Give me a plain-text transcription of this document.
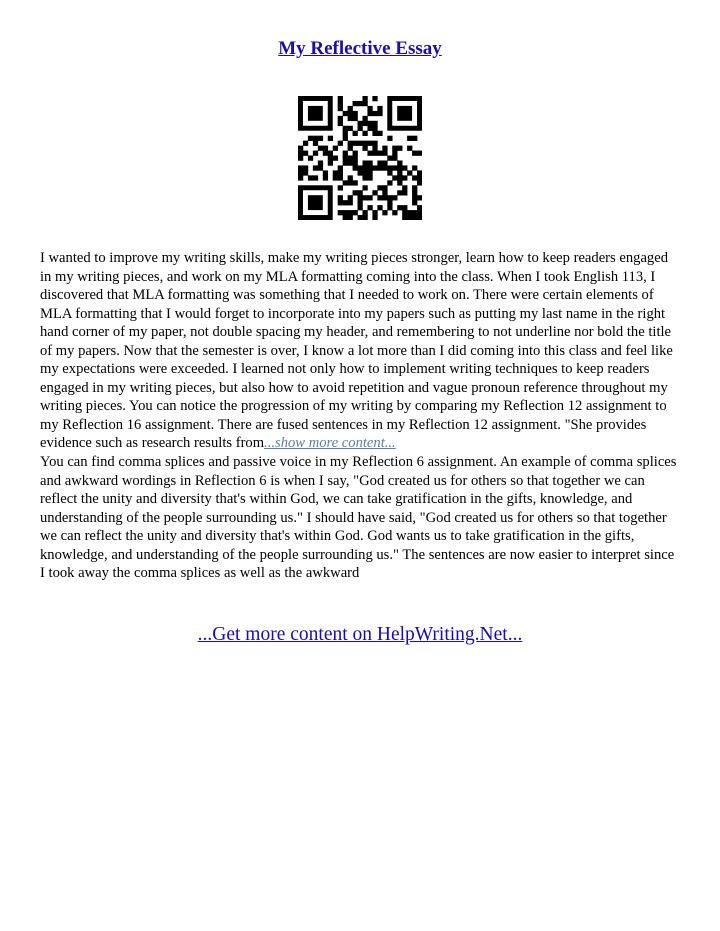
My Reflective Essay

I wanted to improve my writing skills, make my writing pieces stronger, learn how to keep readers engaged in my writing pieces, and work on my MLA formatting coming into the class. When I took English 113, I discovered that MLA formatting was something that I needed to work on. There were certain elements of MLA formatting that I would forget to incorporate into my papers such as putting my last name in the right hand corner of my paper, not double spacing my header, and remembering to not underline nor bold the title of my papers. Now that the semester is over, I know a lot more than I did coming into this class and feel like my expectations were exceeded. I learned not only how to implement writing techniques to keep readers engaged in my writing pieces, but also how to avoid repetition and vague pronoun reference throughout my writing pieces. You can notice the progression of my writing by comparing my Reflection 12 assignment to my Reflection 16 assignment. There are fused sentences in my Reflection 12 assignment. "She provides evidence such as research results from...show more content...

You can find comma splices and passive voice in my Reflection 6 assignment. An example of comma splices and awkward wordings in Reflection 6 is when I say, "God created us for others so that together we can reflect the unity and diversity that's within God, we can take gratification in the gifts, knowledge, and understanding of the people surrounding us." I should have said, "God created us for others so that together we can reflect the unity and diversity that's within God. God wants us to take gratification in the gifts, knowledge, and understanding of the people surrounding us." The sentences are now easier to interpret since I took away the comma splices as well as the awkward

...Get more content on HelpWriting.Net...
